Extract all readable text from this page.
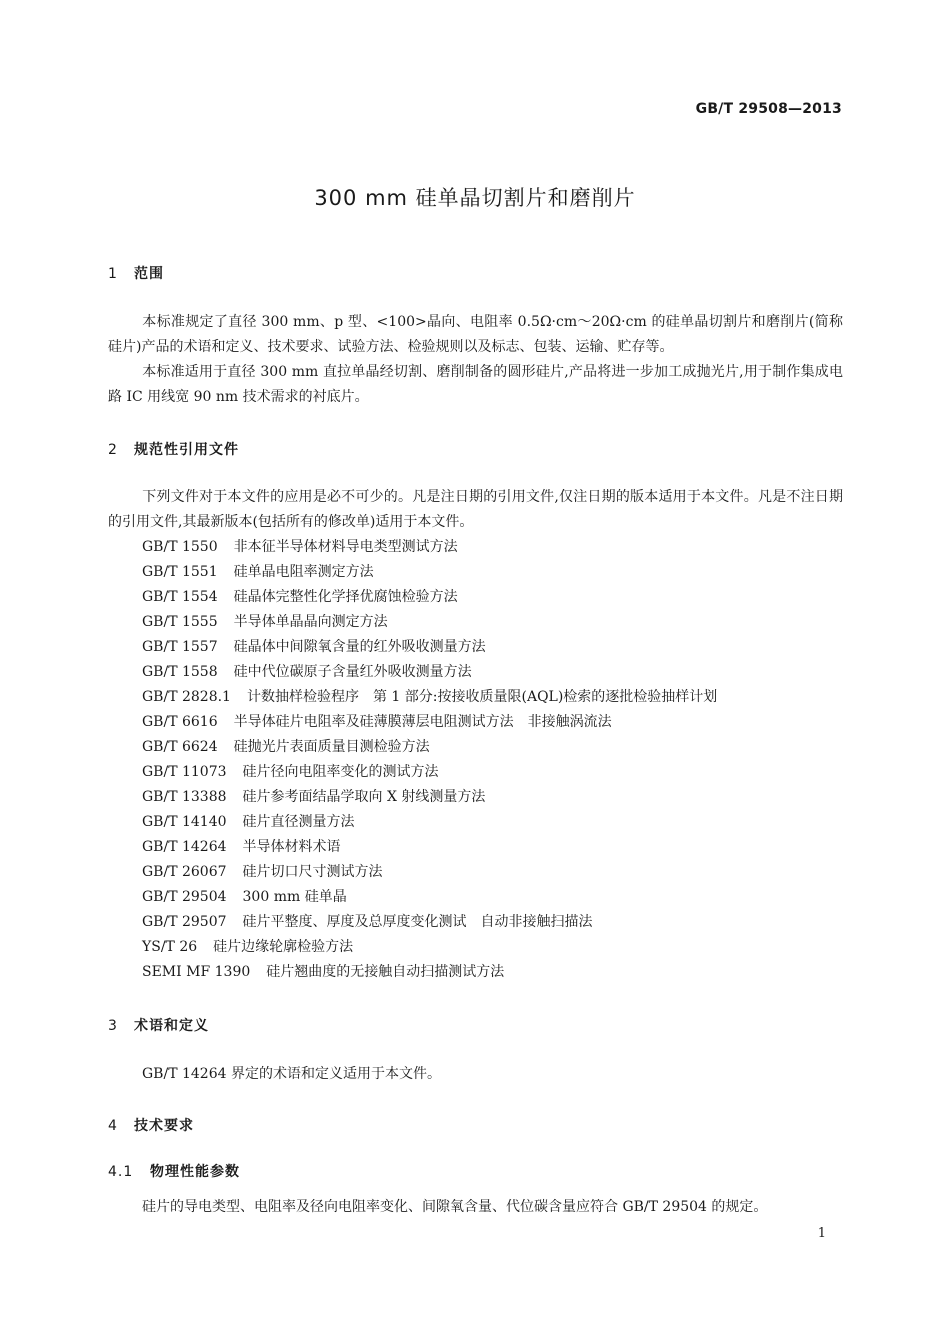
GB/T 29508—2013
300 mm 硅单晶切割片和磨削片
1 范围
本标准规定了直径 300 mm、p 型、<100>晶向、电阻率 0.5Ω·cm～20Ω·cm 的硅单晶切割片和磨削片(简称硅片)产品的术语和定义、技术要求、试验方法、检验规则以及标志、包装、运输、贮存等。
本标准适用于直径 300 mm 直拉单晶经切割、磨削制备的圆形硅片,产品将进一步加工成抛光片,用于制作集成电路 IC 用线宽 90 nm 技术需求的衬底片。
2 规范性引用文件
下列文件对于本文件的应用是必不可少的。凡是注日期的引用文件,仅注日期的版本适用于本文件。凡是不注日期的引用文件,其最新版本(包括所有的修改单)适用于本文件。
GB/T 1550 非本征半导体材料导电类型测试方法
GB/T 1551 硅单晶电阻率测定方法
GB/T 1554 硅晶体完整性化学择优腐蚀检验方法
GB/T 1555 半导体单晶晶向测定方法
GB/T 1557 硅晶体中间隙氧含量的红外吸收测量方法
GB/T 1558 硅中代位碳原子含量红外吸收测量方法
GB/T 2828.1 计数抽样检验程序　第 1 部分:按接收质量限(AQL)检索的逐批检验抽样计划
GB/T 6616 半导体硅片电阻率及硅薄膜薄层电阻测试方法　非接触涡流法
GB/T 6624 硅抛光片表面质量目测检验方法
GB/T 11073 硅片径向电阻率变化的测试方法
GB/T 13388 硅片参考面结晶学取向 X 射线测量方法
GB/T 14140 硅片直径测量方法
GB/T 14264 半导体材料术语
GB/T 26067 硅片切口尺寸测试方法
GB/T 29504 300 mm 硅单晶
GB/T 29507 硅片平整度、厚度及总厚度变化测试　自动非接触扫描法
YS/T 26 硅片边缘轮廓检验方法
SEMI MF 1390 硅片翘曲度的无接触自动扫描测试方法
3 术语和定义
GB/T 14264 界定的术语和定义适用于本文件。
4 技术要求
4.1 物理性能参数
硅片的导电类型、电阻率及径向电阻率变化、间隙氧含量、代位碳含量应符合 GB/T 29504 的规定。
1
